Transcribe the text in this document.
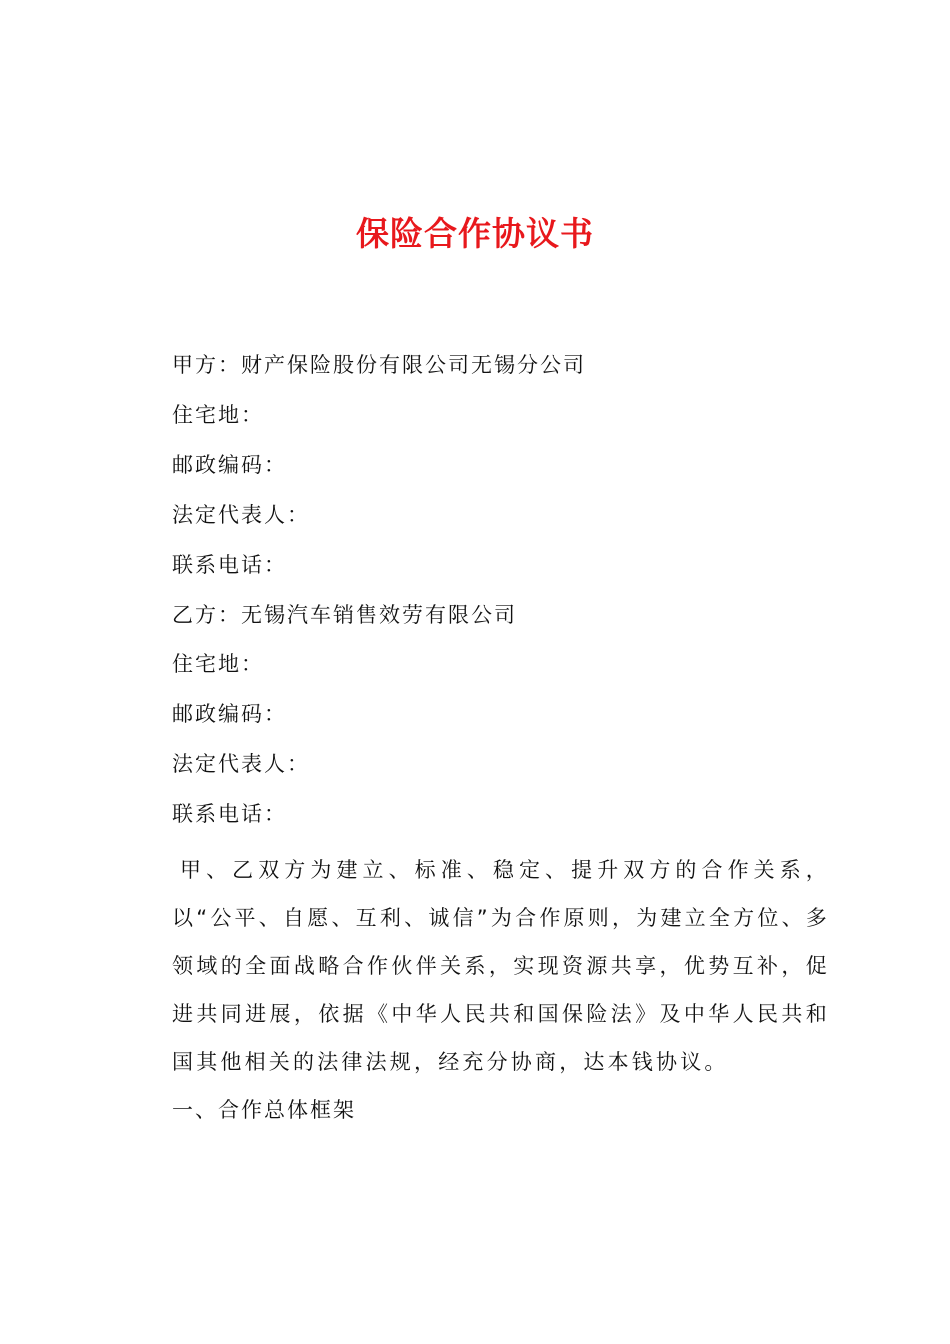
保险合作协议书
甲方：财产保险股份有限公司无锡分公司
住宅地：
邮政编码：
法定代表人：
联系电话：
乙方：无锡汽车销售效劳有限公司
住宅地：
邮政编码：
法定代表人：
联系电话：
甲、乙双方为建立、标准、稳定、提升双方的合作关系，以“公平、自愿、互利、诚信”为合作原则，为建立全方位、多领域的全面战略合作伙伴关系，实现资源共享，优势互补，促进共同进展，依据《中华人民共和国保险法》及中华人民共和国其他相关的法律法规，经充分协商，达本钱协议。
一、合作总体框架
